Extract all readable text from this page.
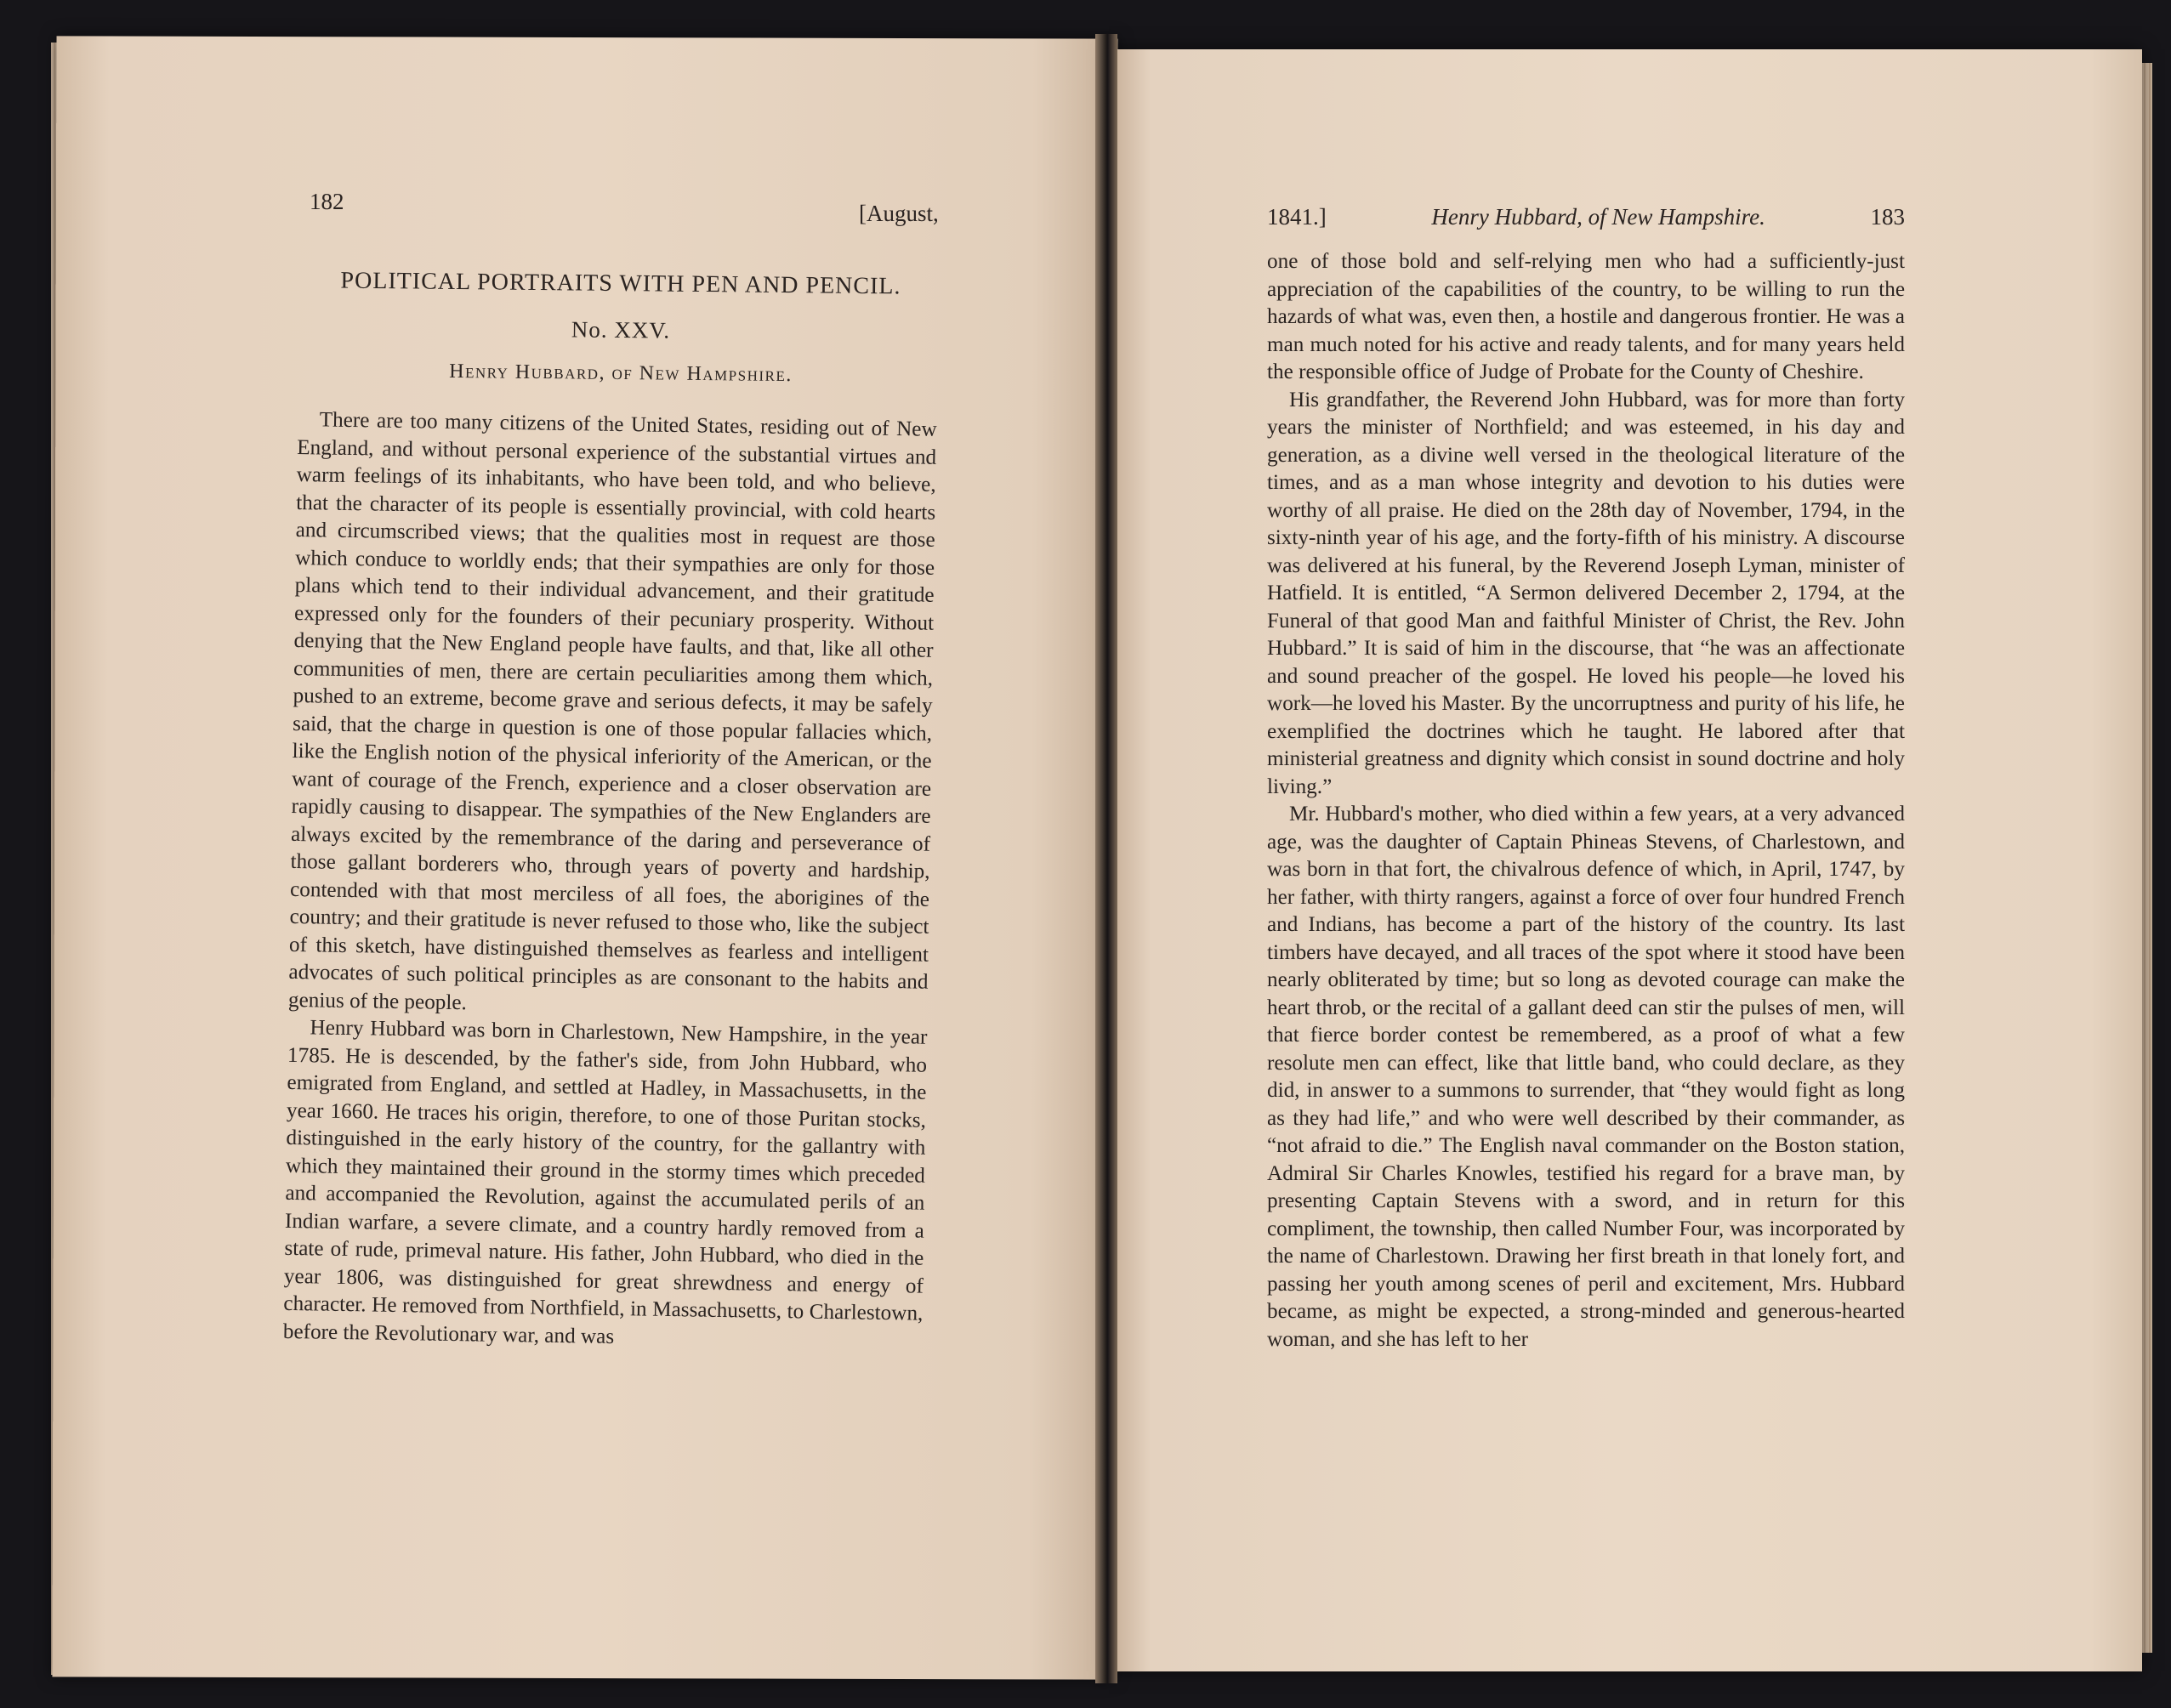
182	[August,
POLITICAL PORTRAITS WITH PEN AND PENCIL.
No. XXV.
Henry Hubbard, of New Hampshire.

There are too many citizens of the United States, residing out of New England, and without personal experience of the substantial virtues and warm feelings of its inhabitants, who have been told, and who believe, that the character of its people is essentially provincial, with cold hearts and circumscribed views; that the qualities most in request are those which conduce to worldly ends; that their sympathies are only for those plans which tend to their individual advancement, and their gratitude expressed only for the founders of their pecuniary prosperity. Without denying that the New England people have faults, and that, like all other communities of men, there are certain peculiarities among them which, pushed to an extreme, become grave and serious defects, it may be safely said, that the charge in question is one of those popular fallacies which, like the English notion of the physical inferiority of the American, or the want of courage of the French, experience and a closer observation are rapidly causing to disappear. The sympathies of the New Englanders are always excited by the remembrance of the daring and perseverance of those gallant borderers who, through years of poverty and hardship, contended with that most merciless of all foes, the aborigines of the country; and their gratitude is never refused to those who, like the subject of this sketch, have distinguished themselves as fearless and intelligent advocates of such political principles as are consonant to the habits and genius of the people.

Henry Hubbard was born in Charlestown, New Hampshire, in the year 1785. He is descended, by the father's side, from John Hubbard, who emigrated from England, and settled at Hadley, in Massachusetts, in the year 1660. He traces his origin, therefore, to one of those Puritan stocks, distinguished in the early history of the country, for the gallantry with which they maintained their ground in the stormy times which preceded and accompanied the Revolution, against the accumulated perils of an Indian warfare, a severe climate, and a country hardly removed from a state of rude, primeval nature. His father, John Hubbard, who died in the year 1806, was distinguished for great shrewdness and energy of character. He removed from Northfield, in Massachusetts, to Charlestown, before the Revolutionary war, and was

1841.]	Henry Hubbard, of New Hampshire.	183

one of those bold and self-relying men who had a sufficiently-just appreciation of the capabilities of the country, to be willing to run the hazards of what was, even then, a hostile and dangerous frontier. He was a man much noted for his active and ready talents, and for many years held the responsible office of Judge of Probate for the County of Cheshire.

His grandfather, the Reverend John Hubbard, was for more than forty years the minister of Northfield; and was esteemed, in his day and generation, as a divine well versed in the theological literature of the times, and as a man whose integrity and devotion to his duties were worthy of all praise. He died on the 28th day of November, 1794, in the sixty-ninth year of his age, and the forty-fifth of his ministry. A discourse was delivered at his funeral, by the Reverend Joseph Lyman, minister of Hatfield. It is entitled, “A Sermon delivered December 2, 1794, at the Funeral of that good Man and faithful Minister of Christ, the Rev. John Hubbard.” It is said of him in the discourse, that “he was an affectionate and sound preacher of the gospel. He loved his people—he loved his work—he loved his Master. By the uncorruptness and purity of his life, he exemplified the doctrines which he taught. He labored after that ministerial greatness and dignity which consist in sound doctrine and holy living.”

Mr. Hubbard's mother, who died within a few years, at a very advanced age, was the daughter of Captain Phineas Stevens, of Charlestown, and was born in that fort, the chivalrous defence of which, in April, 1747, by her father, with thirty rangers, against a force of over four hundred French and Indians, has become a part of the history of the country. Its last timbers have decayed, and all traces of the spot where it stood have been nearly obliterated by time; but so long as devoted courage can make the heart throb, or the recital of a gallant deed can stir the pulses of men, will that fierce border contest be remembered, as a proof of what a few resolute men can effect, like that little band, who could declare, as they did, in answer to a summons to surrender, that “they would fight as long as they had life,” and who were well described by their commander, as “not afraid to die.” The English naval commander on the Boston station, Admiral Sir Charles Knowles, testified his regard for a brave man, by presenting Captain Stevens with a sword, and in return for this compliment, the township, then called Number Four, was incorporated by the name of Charlestown. Drawing her first breath in that lonely fort, and passing her youth among scenes of peril and excitement, Mrs. Hubbard became, as might be expected, a strong-minded and generous-hearted woman, and she has left to her
